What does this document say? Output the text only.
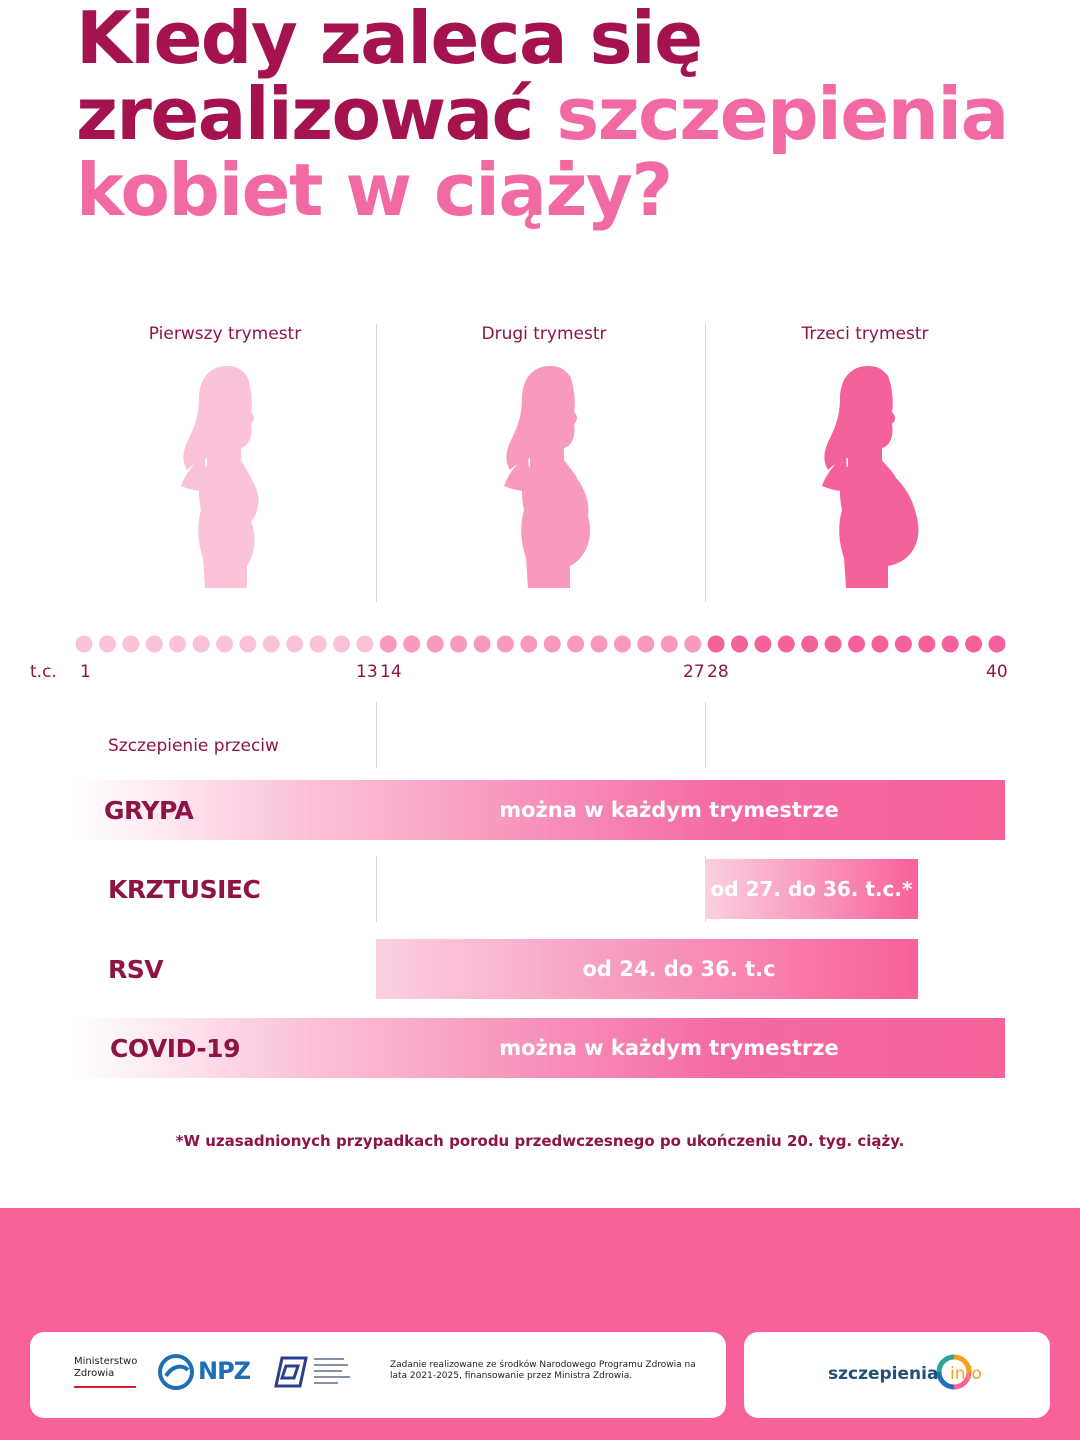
Kiedy zaleca się
zrealizować szczepienia
kobiet w ciąży?
Pierwszy trymestr	Drugi trymestr	Trzeci trymestr
t.c. 1	13 14	27 28	40
Szczepienie przeciw
można w każdym trymestrze
GRYPA
od 27. do 36. t.c.*
KRZTUSIEC
od 24. do 36. t.c
RSV
można w każdym trymestrze
COVID-19
*W uzasadnionych przypadkach porodu przedwczesnego po ukończeniu 20. tyg. ciąży.
Ministerstwo
Zdrowia	NPZ	Zadanie realizowane ze środków Narodowego Programu Zdrowia na lata 2021-2025, finansowanie przez Ministra Zdrowia.	szczepienia info
